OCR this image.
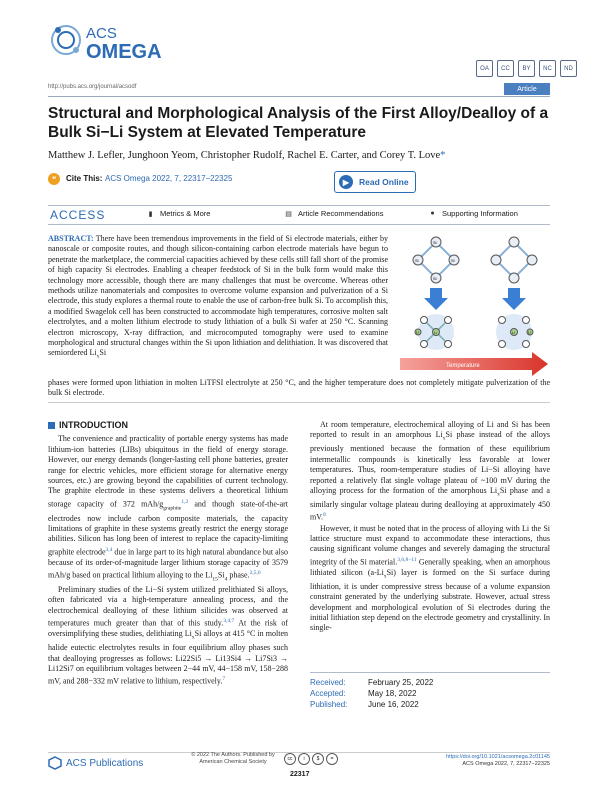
ACS
OMEGA
http://pubs.acs.org/journal/acsodf
OA	CC	BY	NC	ND
Article
Structural and Morphological Analysis of the First Alloy/Dealloy of a Bulk Si−Li System at Elevated Temperature
Matthew J. Lefler, Junghoon Yeom, Christopher Rudolf, Rachel E. Carter, and Corey T. Love*
❝	Cite This: ACS Omega 2022, 7, 22317−22325	▶	Read Online
ACCESS	▮	Metrics & More	▤ Article Recommendations	● Supporting Information
ABSTRACT: There have been tremendous improvements in the field of Si electrode materials, either by nanoscale or composite routes, and though silicon-containing carbon electrode materials have begun to penetrate the marketplace, the commercial capacities achieved by these cells still fall short of the promise of high capacity Si electrodes. Enabling a cheaper feedstock of Si in the bulk form would make this technology more accessible, though there are many challenges that must be overcome. Whereas other methods utilize nanomaterials and composites to overcome volume expansion and pulverization of a Si electrode, this study explores a thermal route to enable the use of carbon-free bulk Si. To accomplish this, a modified Swagelok cell has been constructed to accommodate high temperatures, corrosive molten salt electrolytes, and a molten lithium electrode to study lithiation of a bulk Si wafer at 250 °C. Scanning electron microscopy, X-ray diffraction, and microcomputed tomography were used to examine morphological and structural changes within the Si upon lithiation and delithiation. It was discovered that semiordered $Li_xSi$
phases were formed upon lithiation in molten LiTFSI electrolyte at 250 °C, and the higher temperature does not completely mitigate pulverization of the bulk Si electrode.
Si
Si
Si
Si
Li
Li	Li	Li
Temperature
INTRODUCTION

The convenience and practicality of portable energy systems has made lithium-ion batteries (LIBs) ubiquitous in the field of energy storage. However, our energy demands (longer-lasting cell phone batteries, greater range for electric vehicles, more efficient storage for alternative energy sources, etc.) are growing beyond the capabilities of current technology. The graphite electrode in these systems delivers a theoretical lithium storage capacity of 372 mAh/$g_{graphite}^{1,2}$ and though state-of-the-art electrodes now include carbon composite materials, the capacity limitations of graphite in these systems greatly restrict the energy storage abilities. Silicon has long been of interest to replace the capacity-limiting graphite electrode$^{3,4}$ due in large part to its high natural abundance but also because of its order-of-magnitude larger lithium storage capacity of 3579 mAh/g based on practical lithium alloying to the $Li_{15}Si_4$ phase.$^{2,5,6}$

Preliminary studies of the Li−Si system utilized prelithiated Si alloys, often fabricated via a high-temperature annealing process, and the electrochemical dealloying of these lithium silicides was observed at temperatures much greater than that of this study.$^{3,4,7}$ At the risk of oversimplifying these studies, delithiating $Li_xSi$ alloys at 415 °C in molten halide eutectic electrolytes results in four equilibrium alloy phases such that dealloying progresses as follows: Li22Si5 → Li13Si4 → Li7Si3 → Li12Si7 on equilibrium voltages between 2−44 mV, 44−158 mV, 158−288 mV, and 288−332 mV relative to lithium, respectively.$^7$

At room temperature, electrochemical alloying of Li and Si has been reported to result in an amorphous $Li_xSi$ phase instead of the alloys previously mentioned because the formation of these equilibrium intermetallic compounds is kinetically less favorable at lower temperatures. Thus, room-temperature studies of Li−Si alloying have reported a relatively flat single voltage plateau of ~100 mV during the alloying process for the formation of the amorphous $Li_xSi$ phase and a similarly singular voltage plateau during dealloying at approximately 450 mV.$^8$

However, it must be noted that in the process of alloying with Li the Si lattice structure must expand to accommodate these interactions, thus causing significant volume changes and severely damaging the structural integrity of the Si material.$^{3,6,8-11}$ Generally speaking, when an amorphous lithiated silicon $(a-Li_xSi)$ layer is formed on the Si surface during lithiation, it is under compressive stress because of a volume expansion constraint generated by the underlying substrate. However, actual stress development and morphological evolution of Si electrodes during the initial lithiation step depend on the electrode geometry and crystallinity. In single-

Received:	February 25, 2022
Accepted:	May 18, 2022
Published:	June 16, 2022
ACS Publications
© 2022 The Authors. Published by American Chemical Society	cc	i	$	=
22317
https://doi.org/10.1021/acsomega.2c01145
ACS Omega 2022, 7, 22317−22325
